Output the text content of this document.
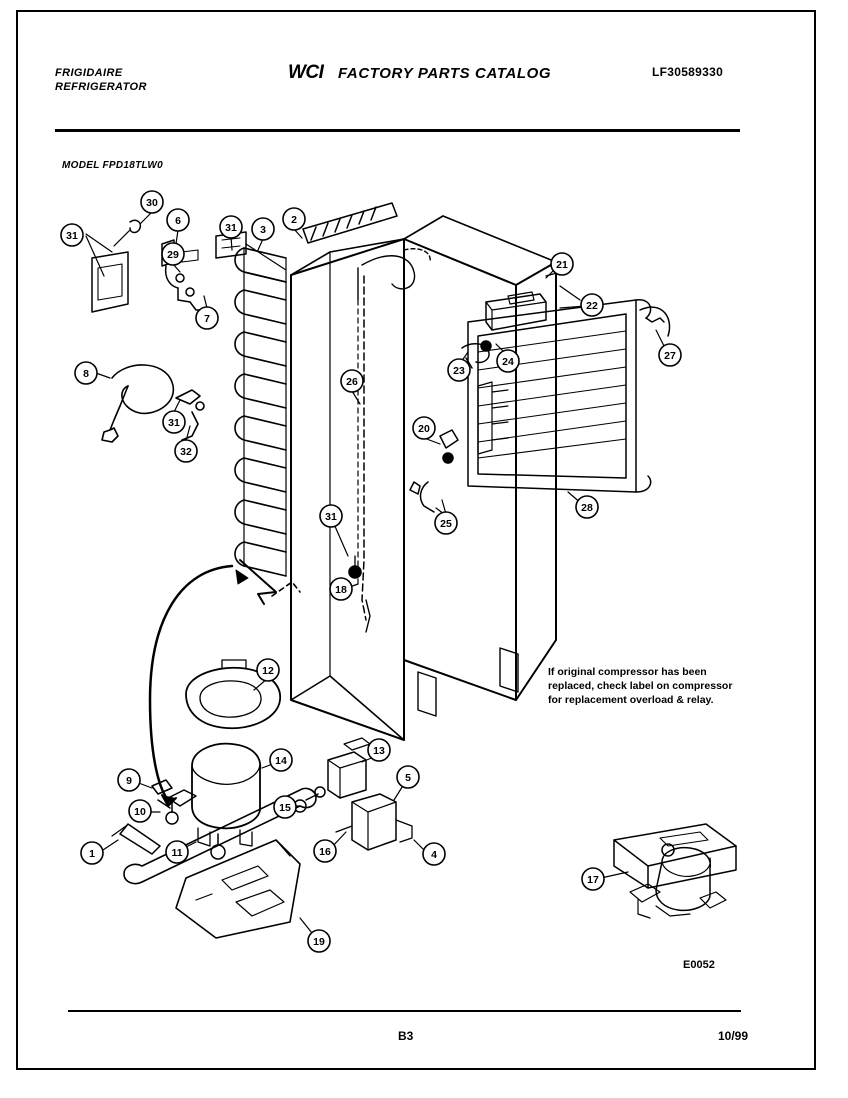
FRIGIDAIRE
REFRIGERATOR
WCI FACTORY PARTS CATALOG	LF30589330
MODEL FPD18TLW0
If original compressor has been
replaced, check label on compressor
for replacement overload & relay.
E0052
B3	10/99
31
30
6
29
7
31 3
2
8
31
32
26
21
22
27
23
24
20
28
25
31
18
12
14
13
5
15
9
10
11
1	16	4
19
17
